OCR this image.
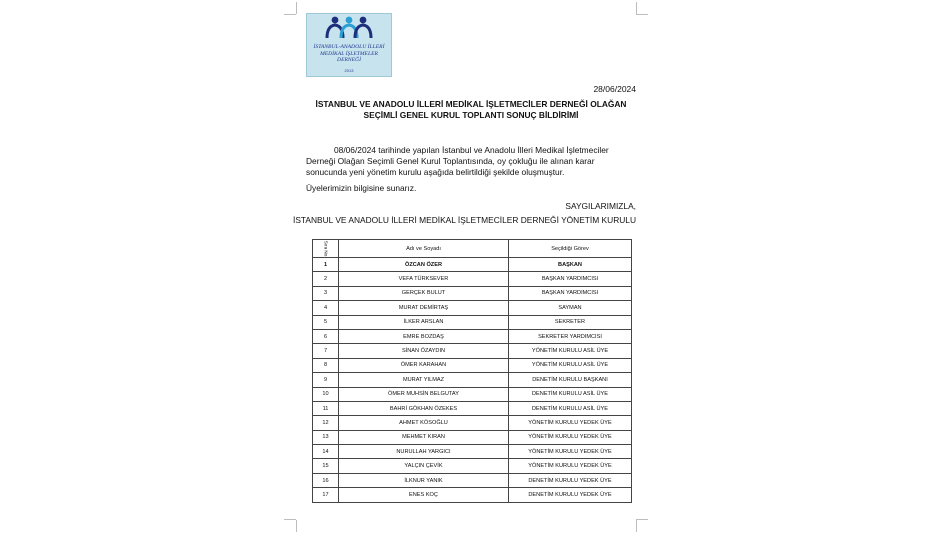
İSTANBUL-ANADOLU İLLERİ
MEDİKAL İŞLETMELER
DERNEĞİ
2013
28/06/2024
İSTANBUL VE ANADOLU İLLERİ MEDİKAL İŞLETMECİLER DERNEĞİ OLAĞAN SEÇİMLİ GENEL KURUL TOPLANTI SONUÇ BİLDİRİMİ
08/06/2024 tarihinde yapılan İstanbul ve Anadolu İlleri Medikal İşletmeciler Derneği Olağan Seçimli Genel Kurul Toplantısında, oy çokluğu ile alınan karar sonucunda yeni yönetim kurulu aşağıda belirtildiği şekilde oluşmuştur.
Üyelerimizin bilgisine sunarız.
SAYGILARIMIZLA,
İSTANBUL VE ANADOLU İLLERİ MEDİKAL İŞLETMECİLER DERNEĞİ YÖNETİM KURULU
Sıra No	Adı ve Soyadı	Seçildiği Görev
1	ÖZCAN ÖZER	BAŞKAN
2	VEFA TÜRKSEVER	BAŞKAN YARDIMCISI
3	GERÇEK BULUT	BAŞKAN YARDIMCISI
4	MURAT DEMİRTAŞ	SAYMAN
5	İLKER ARSLAN	SEKRETER
6	EMRE BOZDAŞ	SEKRETER YARDIMCISI
7	SİNAN ÖZAYDIN	YÖNETİM KURULU ASİL ÜYE
8	ÖMER KARAHAN	YÖNETİM KURULU ASİL ÜYE
9	MURAT YILMAZ	DENETİM KURULU BAŞKANI
10	ÖMER MUHSİN BELGUTAY	DENETİM KURULU ASİL ÜYE
11	BAHRİ GÖKHAN ÖZEKES	DENETİM KURULU ASİL ÜYE
12	AHMET KÖSOĞLU	YÖNETİM KURULU YEDEK ÜYE
13	MEHMET KIRAN	YÖNETİM KURULU YEDEK ÜYE
14	NURULLAH YARGICI	YÖNETİM KURULU YEDEK ÜYE
15	YALÇIN ÇEVİK	YÖNETİM KURULU YEDEK ÜYE
16	İLKNUR YANIK	DENETİM KURULU YEDEK ÜYE
17	ENES KOÇ	DENETİM KURULU YEDEK ÜYE
